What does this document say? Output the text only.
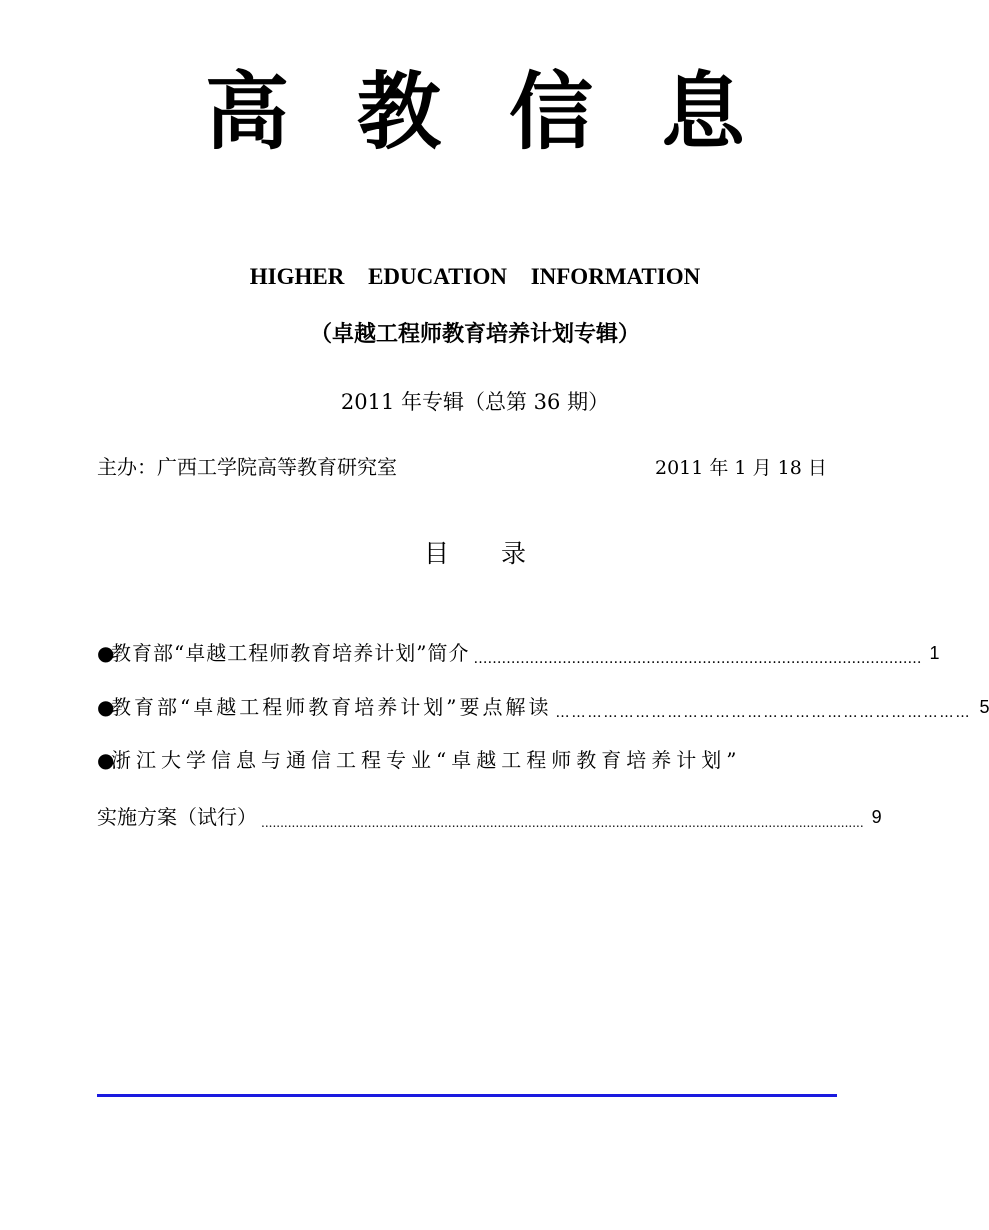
高教信息
HIGHER EDUCATION INFORMATION
（卓越工程师教育培养计划专辑）
2011 年专辑（总第 36 期）
主办：广西工学院高等教育研究室	2011 年 1 月 18 日
目录
●
教育部“卓越工程师教育培养计划”简介 …………………………………………………………………………………… 1
●
教育部“卓越工程师教育培养计划”要点解读 …………………………………………………………………… 5
●
浙江大学信息与通信工程专业“卓越工程师教育培养计划”
实施方案（试行） .............................................................................................................................................................. 9
